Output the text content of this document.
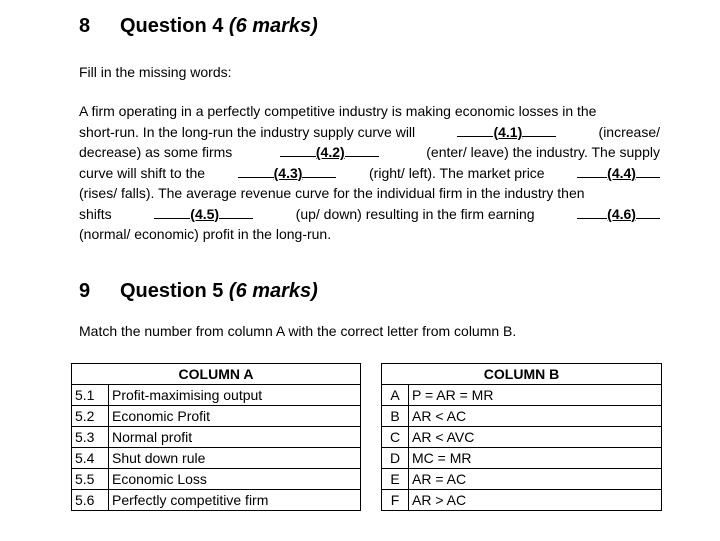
8 Question 4 (6 marks)
Fill in the missing words:
A firm operating in a perfectly competitive industry is making economic losses in the
short-run. In the long-run the industry supply curve will	(4.1)	(increase/
decrease) as some firms	(4.2)	(enter/ leave) the industry. The supply
curve will shift to the	(4.3)	(right/ left). The market price	(4.4)
(rises/ falls). The average revenue curve for the individual firm in the industry then
shifts	(4.5)	(up/ down) resulting in the firm earning	(4.6)
(normal/ economic) profit in the long-run.
9 Question 5 (6 marks)
Match the number from column A with the correct letter from column B.
COLUMN A			COLUMN B	
5.1	Profit-maximising output		A	P = AR = MR
5.2	Economic Profit		B	AR < AC
5.3	Normal profit		C	AR < AVC
5.4	Shut down rule		D	MC = MR
5.5	Economic Loss		E	AR = AC
5.6	Perfectly competitive firm		F	AR > AC
